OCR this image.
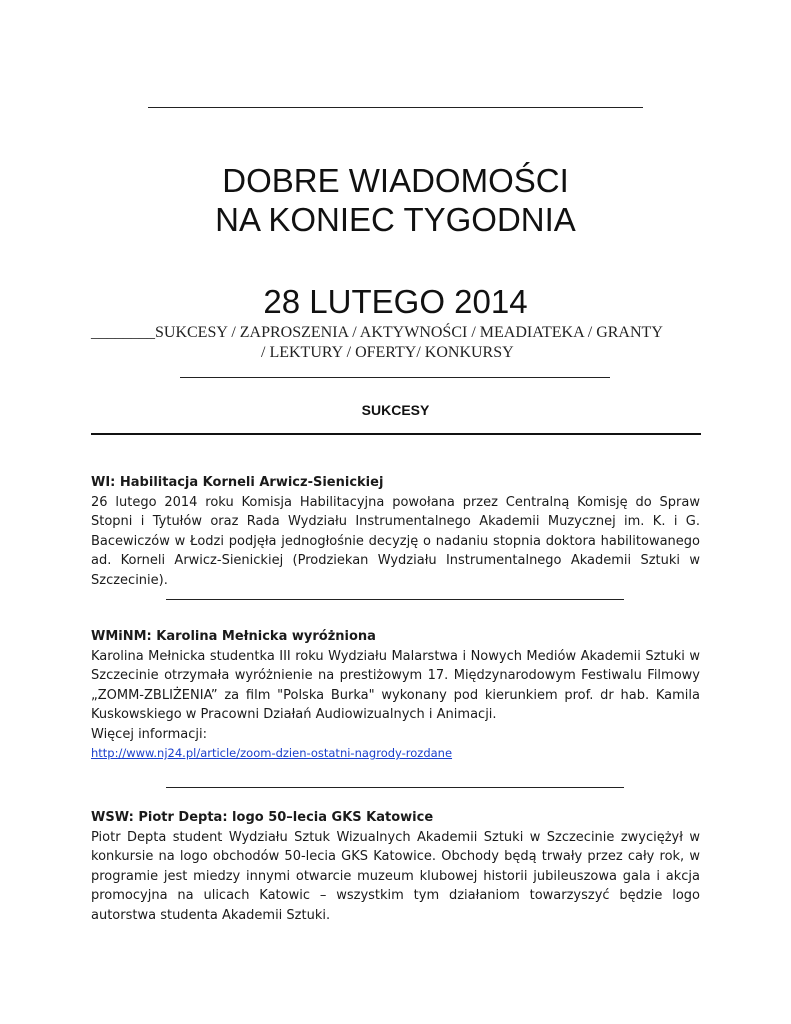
DOBRE WIADOMOŚCI
NA KONIEC TYGODNIA
28 LUTEGO 2014
________SUKCESY / ZAPROSZENIA / AKTYWNOŚCI / MEADIATEKA / GRANTY
/ LEKTURY / OFERTY/ KONKURSY
SUKCESY
WI: Habilitacja Korneli Arwicz-Sienickiej

26 lutego 2014 roku Komisja Habilitacyjna powołana przez Centralną Komisję do Spraw Stopni i Tytułów oraz Rada Wydziału Instrumentalnego Akademii Muzycznej im. K. i G. Bacewiczów w Łodzi podjęła jednogłośnie decyzję o nadaniu stopnia doktora habilitowanego ad. Korneli Arwicz-Sienickiej (Prodziekan Wydziału Instrumentalnego Akademii Sztuki w Szczecinie).

WMiNM: Karolina Mełnicka wyróżniona

Karolina Mełnicka studentka III roku Wydziału Malarstwa i Nowych Mediów Akademii Sztuki w Szczecinie otrzymała wyróżnienie na prestiżowym 17. Międzynarodowym Festiwalu Filmowy „ZOMM-ZBLIŻENIA” za film "Polska Burka" wykonany pod kierunkiem prof. dr hab. Kamila Kuskowskiego w Pracowni Działań Audiowizualnych i Animacji.

Więcej informacji:

http://www.nj24.pl/article/zoom-dzien-ostatni-nagrody-rozdane
WSW: Piotr Depta: logo 50–lecia GKS Katowice

Piotr Depta student Wydziału Sztuk Wizualnych Akademii Sztuki w Szczecinie zwyciężył w konkursie na logo obchodów 50-lecia GKS Katowice. Obchody będą trwały przez cały rok, w programie jest miedzy innymi otwarcie muzeum klubowej historii jubileuszowa gala i akcja promocyjna na ulicach Katowic – wszystkim tym działaniom towarzyszyć będzie logo autorstwa studenta Akademii Sztuki.
